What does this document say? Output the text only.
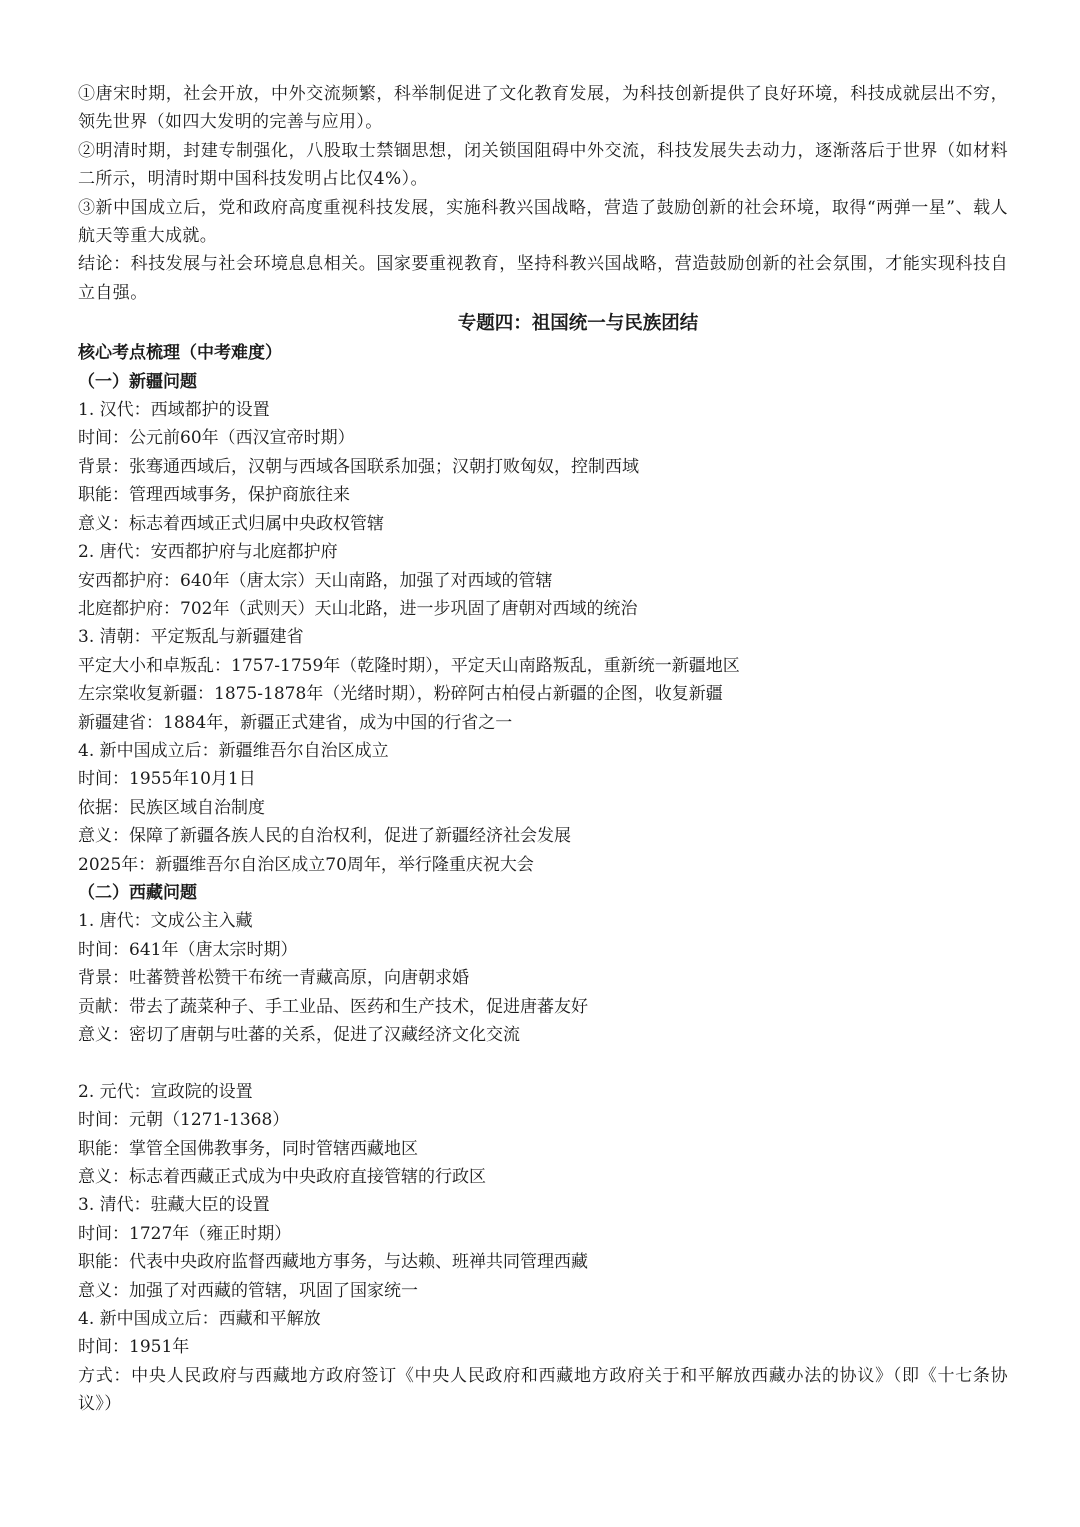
①唐宋时期，社会开放，中外交流频繁，科举制促进了文化教育发展，为科技创新提供了良好环境，科技成就层出不穷，领先世界（如四大发明的完善与应用）。
②明清时期，封建专制强化，八股取士禁锢思想，闭关锁国阻碍中外交流，科技发展失去动力，逐渐落后于世界（如材料二所示，明清时期中国科技发明占比仅4%）。
③新中国成立后，党和政府高度重视科技发展，实施科教兴国战略，营造了鼓励创新的社会环境，取得“两弹一星”、载人航天等重大成就。
结论：科技发展与社会环境息息相关。国家要重视教育，坚持科教兴国战略，营造鼓励创新的社会氛围，才能实现科技自立自强。
专题四：祖国统一与民族团结
核心考点梳理（中考难度）
（一）新疆问题
1. 汉代：西域都护的设置
时间：公元前60年（西汉宣帝时期）
背景：张骞通西域后，汉朝与西域各国联系加强；汉朝打败匈奴，控制西域
职能：管理西域事务，保护商旅往来
意义：标志着西域正式归属中央政权管辖
2. 唐代：安西都护府与北庭都护府
安西都护府：640年（唐太宗）天山南路，加强了对西域的管辖
北庭都护府：702年（武则天）天山北路，进一步巩固了唐朝对西域的统治
3. 清朝：平定叛乱与新疆建省
平定大小和卓叛乱：1757-1759年（乾隆时期），平定天山南路叛乱，重新统一新疆地区
左宗棠收复新疆：1875-1878年（光绪时期），粉碎阿古柏侵占新疆的企图，收复新疆
新疆建省：1884年，新疆正式建省，成为中国的行省之一
4. 新中国成立后：新疆维吾尔自治区成立
时间：1955年10月1日
依据：民族区域自治制度
意义：保障了新疆各族人民的自治权利，促进了新疆经济社会发展
2025年：新疆维吾尔自治区成立70周年，举行隆重庆祝大会
（二）西藏问题
1. 唐代：文成公主入藏
时间：641年（唐太宗时期）
背景：吐蕃赞普松赞干布统一青藏高原，向唐朝求婚
贡献：带去了蔬菜种子、手工业品、医药和生产技术，促进唐蕃友好
意义：密切了唐朝与吐蕃的关系，促进了汉藏经济文化交流
2. 元代：宣政院的设置
时间：元朝（1271-1368）
职能：掌管全国佛教事务，同时管辖西藏地区
意义：标志着西藏正式成为中央政府直接管辖的行政区
3. 清代：驻藏大臣的设置
时间：1727年（雍正时期）
职能：代表中央政府监督西藏地方事务，与达赖、班禅共同管理西藏
意义：加强了对西藏的管辖，巩固了国家统一
4. 新中国成立后：西藏和平解放
时间：1951年
方式：中央人民政府与西藏地方政府签订《中央人民政府和西藏地方政府关于和平解放西藏办法的协议》（即《十七条协议》）
